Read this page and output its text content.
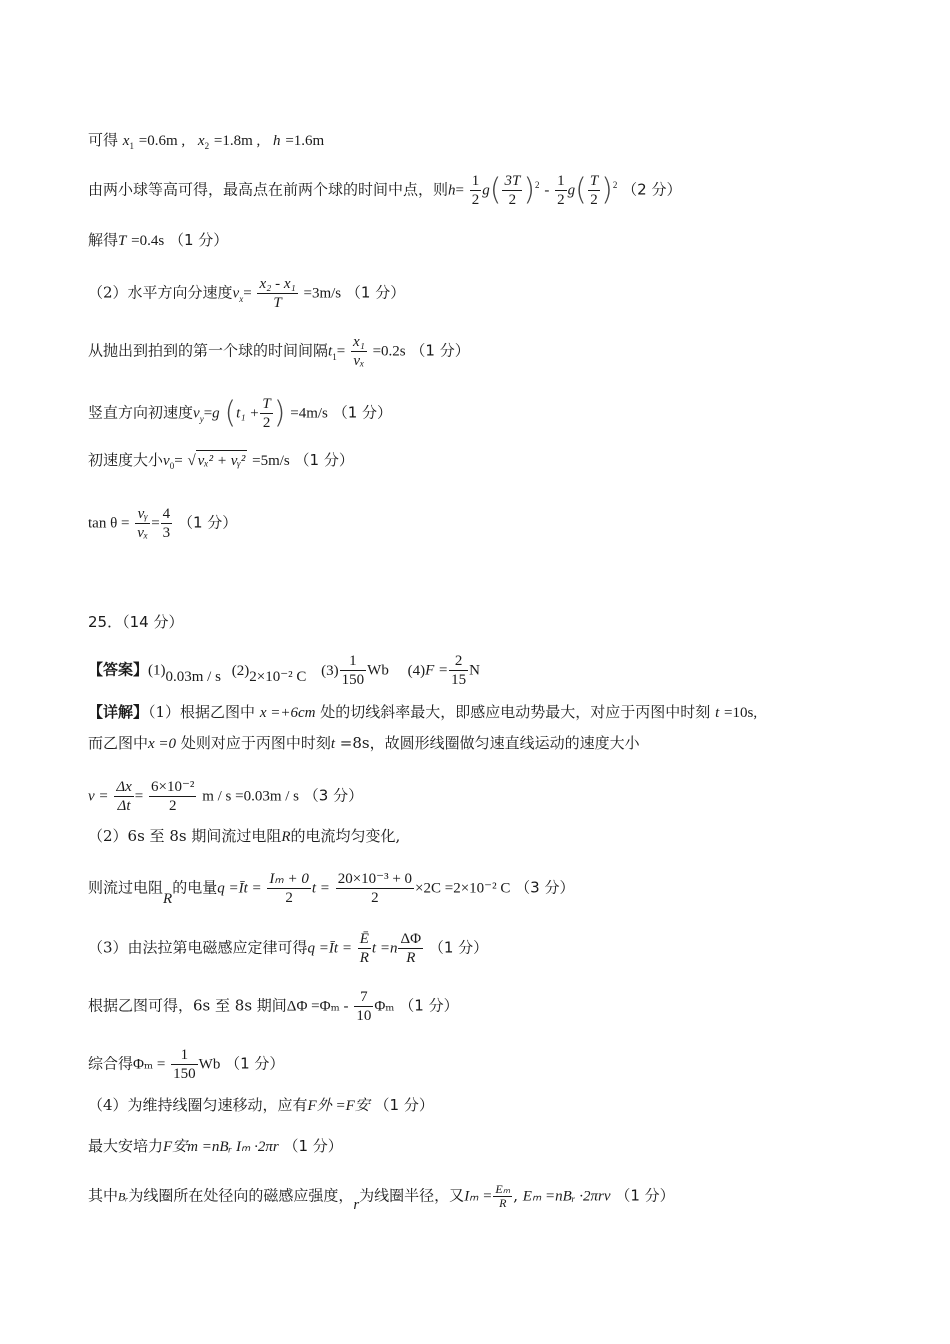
可得 $x_1 =0.6m$ , $x_2 =1.8m$ , h =1.6m
由两小球等高可得，最高点在前两个球的时间中点，则$h= \frac{1}{2} g( \frac{3T}{2} )^2 - \frac{1}{2} g( \frac{T}{2} )^2$ （2 分）
解得T =0.4s （1 分）
（2）水平方向分速度$v_x= \frac{\text{x₂ - x₁}}{T} =3m/s$ （1 分）
从抛出到拍到的第一个球的时间间隔$t_1= \frac{\text{x₁}}{\text{vₓ}} =0.2s$ （1 分）
竖直方向初速度$v_y=g$ ($t_1 + \frac{T}{2}$ ) =4m/s （1 分）
初速度大小$v_0=$ √ vₓ² + vᵧ² =5m/s （1 分）
$\tan \theta = \frac{\text{vᵧ}}{\text{vₓ}} = \frac{4}{3} (1$ 分）
25．（14 分）
【答案】(1)0.03m / s (2)2×10⁻² C $(3) \frac{1}{150}$ Wb $(4)F = \frac{2}{15}$ N
【详解】（1）根据乙图中 x =+6cm 处的切线斜率最大，即感应电动势最大，对应于丙图中时刻 t =10s,
而乙图中x =0 处则对应于丙图中时刻t =8s，故圆形线圈做匀速直线运动的速度大小
$v = \frac{\Delta x}{\Delta t} = \frac{\text{6×10⁻²}}{2}$ m / s =0.03m / s （3 分）
（2）6s 至 8s 期间流过电阻R的电流均匀变化,
则流过电阻R的电量q =Īt = $\frac{\text{Iₘ + 0}}{2}$ $t = \frac{\text{20×10⁻³ + 0}}{2} \times 2C =2\times 10^{-2}$ C （3 分）
（3）由法拉第电磁感应定律可得q =Īt = $\frac{Ē}{R}$ $t =n \frac{\Delta\Phi}{R} (1$ 分）
根据乙图可得，6s 至 8s 期间$\Delta\Phi =\Phi_m - \frac{7}{10}$ Φₘ （1 分）
综合得$\Phi_m = \frac{1}{150}$ Wb （1 分）
（4）为维持线圈匀速移动，应有F外 =F安 （1 分）
最大安培力F安m =nBᵣ Iₘ ·2πr （1 分）
其中Bᵣ为线圈所在处径向的磁感应强度，r为线圈半径，又$I_m = \frac{\text{Eₘ}}{R}$ , Eₘ =nBᵣ ·2πrv （1 分）
